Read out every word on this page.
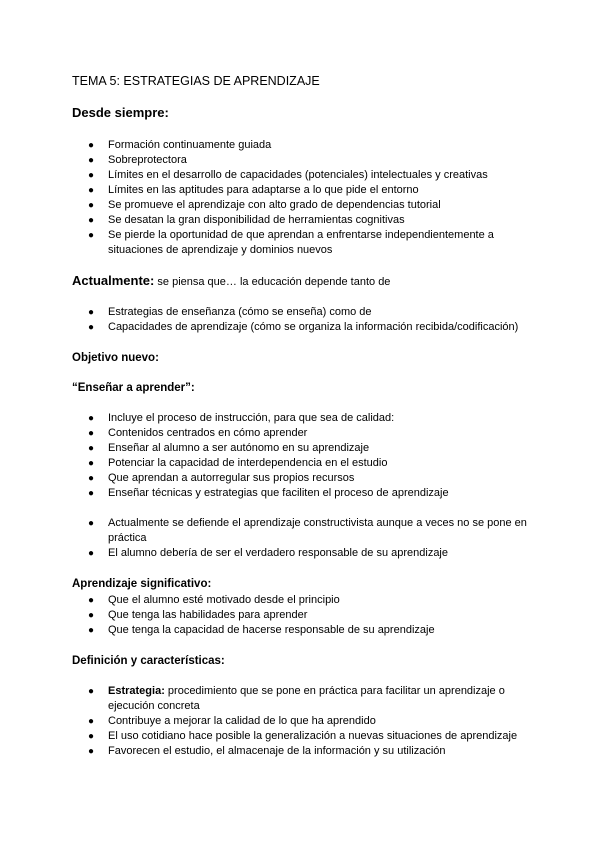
TEMA 5: ESTRATEGIAS DE APRENDIZAJE
Desde siempre:
● Formación continuamente guiada
● Sobreprotectora
● Límites en el desarrollo de capacidades (potenciales) intelectuales y creativas
● Límites en las aptitudes para adaptarse a lo que pide el entorno
● Se promueve el aprendizaje con alto grado de dependencias tutorial
● Se desatan la gran disponibilidad de herramientas cognitivas
● Se pierde la oportunidad de que aprendan a enfrentarse independientemente a situaciones de aprendizaje y dominios nuevos
Actualmente: se piensa que… la educación depende tanto de
● Estrategias de enseñanza (cómo se enseña) como de
● Capacidades de aprendizaje (cómo se organiza la información recibida/codificación)
Objetivo nuevo:
“Enseñar a aprender”:
● Incluye el proceso de instrucción, para que sea de calidad:
● Contenidos centrados en cómo aprender
● Enseñar al alumno a ser autónomo en su aprendizaje
● Potenciar la capacidad de interdependencia en el estudio
● Que aprendan a autorregular sus propios recursos
● Enseñar técnicas y estrategias que faciliten el proceso de aprendizaje
● Actualmente se defiende el aprendizaje constructivista aunque a veces no se pone en práctica
● El alumno debería de ser el verdadero responsable de su aprendizaje
Aprendizaje significativo:
● Que el alumno esté motivado desde el principio
● Que tenga las habilidades para aprender
● Que tenga la capacidad de hacerse responsable de su aprendizaje
Definición y características:
● Estrategia: procedimiento que se pone en práctica para facilitar un aprendizaje o ejecución concreta
● Contribuye a mejorar la calidad de lo que ha aprendido
● El uso cotidiano hace posible la generalización a nuevas situaciones de aprendizaje
● Favorecen el estudio, el almacenaje de la información y su utilización
